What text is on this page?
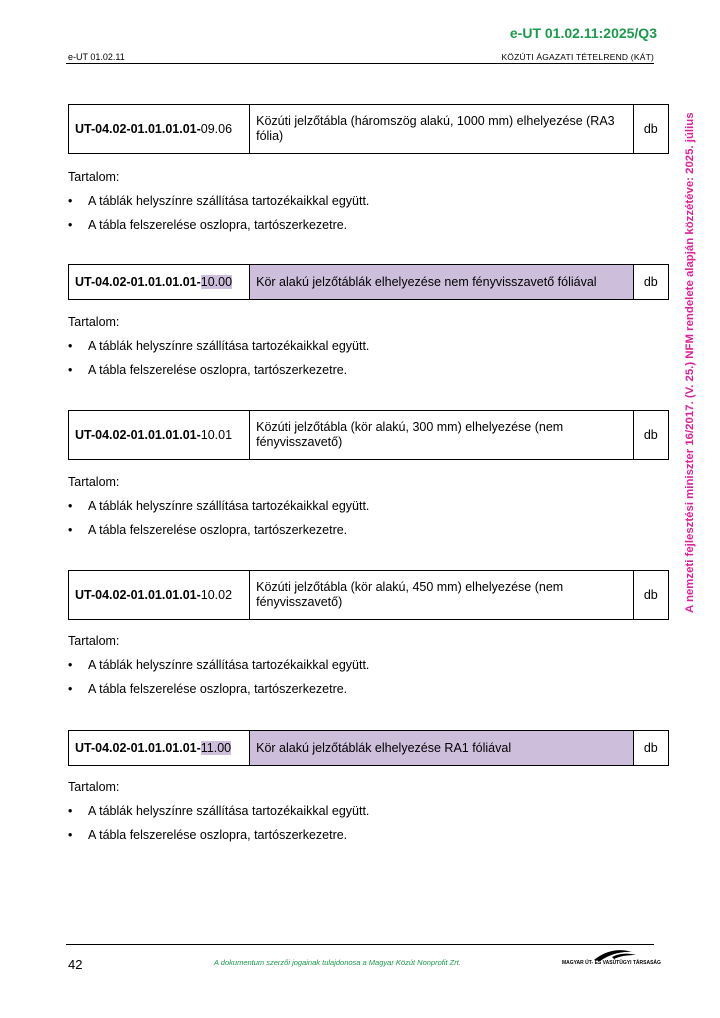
e-UT 01.02.11:2025/Q3
e-UT 01.02.11	KÖZÚTI ÁGAZATI TÉTELREND (KÁT)
A nemzeti fejlesztési miniszter 16/2017. (V. 25.) NFM rendelete alapján közzétéve: 2025. július
UT-04.02-01.01.01.01-09.06	Közúti jelzőtábla (háromszög alakú, 1000 mm) elhelyezése (RA3 fólia)	db
Tartalom:
• A táblák helyszínre szállítása tartozékaikkal együtt.
• A tábla felszerelése oszlopra, tartószerkezetre.
UT-04.02-01.01.01.01-10.00	Kör alakú jelzőtáblák elhelyezése nem fényvisszavető fóliával	db
Tartalom:
• A táblák helyszínre szállítása tartozékaikkal együtt.
• A tábla felszerelése oszlopra, tartószerkezetre.
UT-04.02-01.01.01.01-10.01	Közúti jelzőtábla (kör alakú, 300 mm) elhelyezése (nem fényvisszavető)	db
Tartalom:
• A táblák helyszínre szállítása tartozékaikkal együtt.
• A tábla felszerelése oszlopra, tartószerkezetre.
UT-04.02-01.01.01.01-10.02	Közúti jelzőtábla (kör alakú, 450 mm) elhelyezése (nem fényvisszavető)	db
Tartalom:
• A táblák helyszínre szállítása tartozékaikkal együtt.
• A tábla felszerelése oszlopra, tartószerkezetre.
UT-04.02-01.01.01.01-11.00	Kör alakú jelzőtáblák elhelyezése RA1 fóliával	db
Tartalom:
• A táblák helyszínre szállítása tartozékaikkal együtt.
• A tábla felszerelése oszlopra, tartószerkezetre.
42	A dokumentum szerzői jogainak tulajdonosa a Magyar Közút Nonprofit Zrt.	MAGYAR ÚT- ÉS VASÚTÜGYI TÁRSASÁG
